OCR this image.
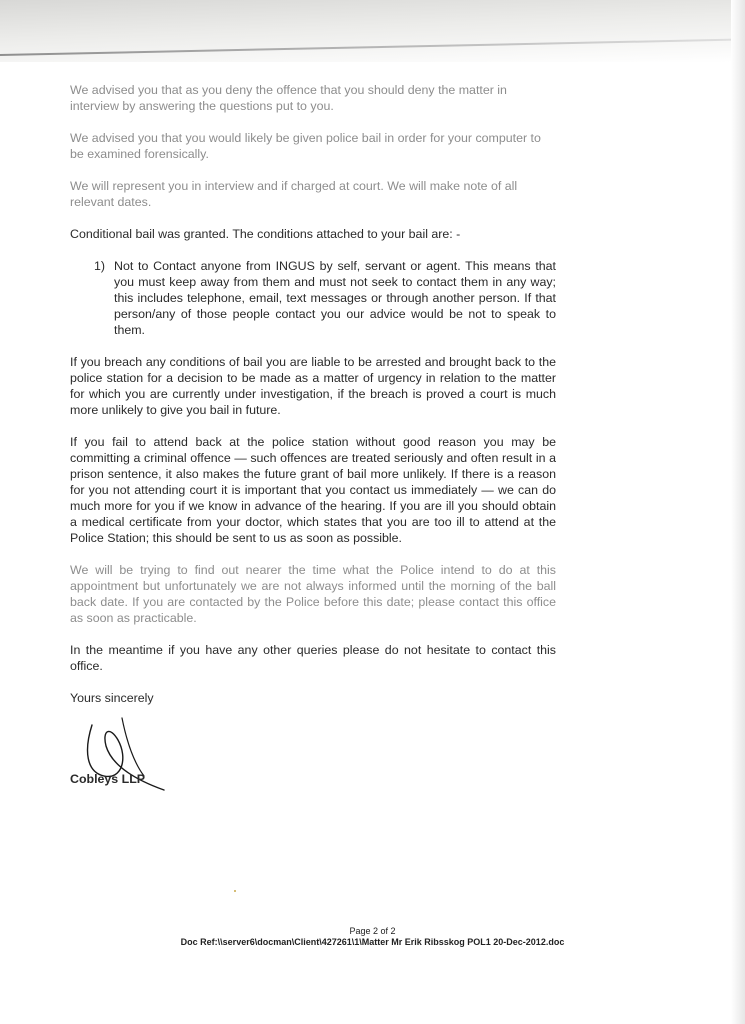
We advised you that as you deny the offence that you should deny the matter in interview by answering the questions put to you.

We advised you that you would likely be given police bail in order for your computer to be examined forensically.

We will represent you in interview and if charged at court. We will make note of all relevant dates.

Conditional bail was granted. The conditions attached to your bail are: -

1) Not to Contact anyone from INGUS by self, servant or agent. This means that you must keep away from them and must not seek to contact them in any way; this includes telephone, email, text messages or through another person. If that person/any of those people contact you our advice would be not to speak to them.

If you breach any conditions of bail you are liable to be arrested and brought back to the police station for a decision to be made as a matter of urgency in relation to the matter for which you are currently under investigation, if the breach is proved a court is much more unlikely to give you bail in future.

If you fail to attend back at the police station without good reason you may be committing a criminal offence — such offences are treated seriously and often result in a prison sentence, it also makes the future grant of bail more unlikely. If there is a reason for you not attending court it is important that you contact us immediately — we can do much more for you if we know in advance of the hearing. If you are ill you should obtain a medical certificate from your doctor, which states that you are too ill to attend at the Police Station; this should be sent to us as soon as possible.

We will be trying to find out nearer the time what the Police intend to do at this appointment but unfortunately we are not always informed until the morning of the ball back date. If you are contacted by the Police before this date; please contact this office as soon as practicable.

In the meantime if you have any other queries please do not hesitate to contact this office.

Yours sincerely
Cobleys LLP
Page 2 of 2
Doc Ref:\\server6\docman\Client\427261\1\Matter Mr Erik Ribsskog POL1 20-Dec-2012.doc
